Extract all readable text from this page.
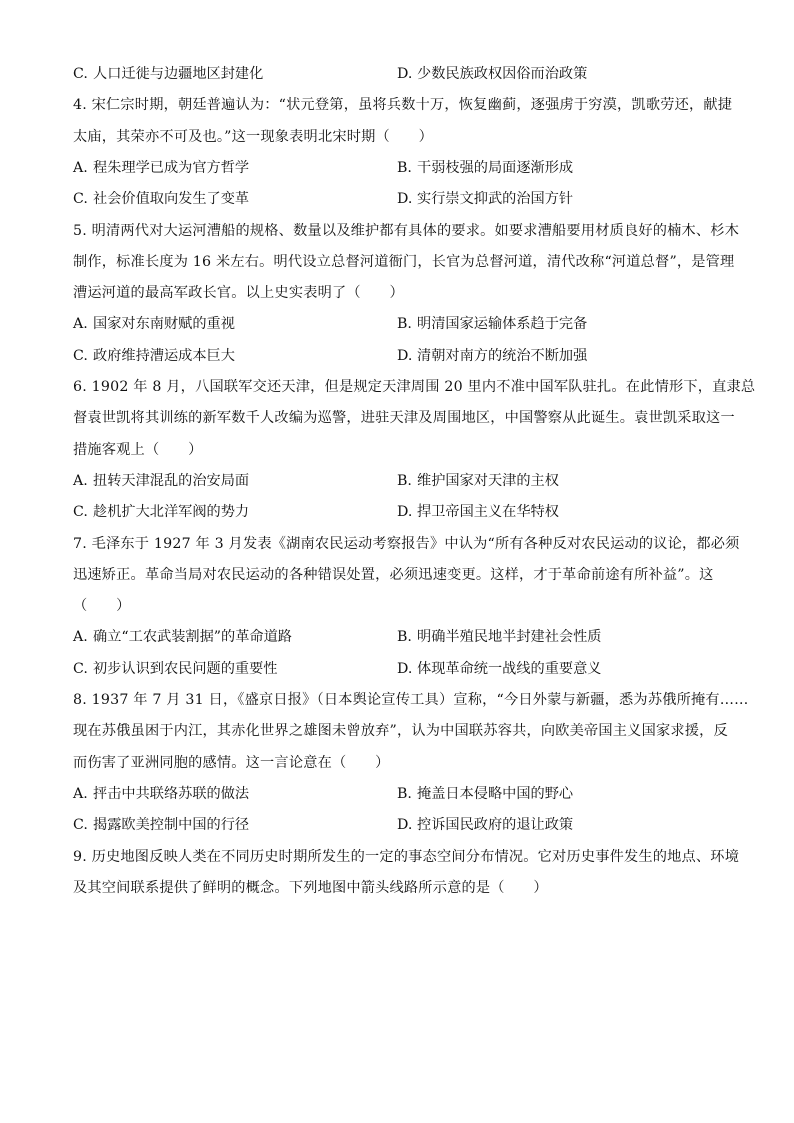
C. 人口迁徙与边疆地区封建化	D. 少数民族政权因俗而治政策
4. 宋仁宗时期，朝廷普遍认为：“状元登第，虽将兵数十万，恢复幽蓟，逐强虏于穷漠，凯歌劳还，献捷
太庙，其荣亦不可及也。”这一现象表明北宋时期（　　）
A. 程朱理学已成为官方哲学	B. 干弱枝强的局面逐渐形成
C. 社会价值取向发生了变革	D. 实行崇文抑武的治国方针
5. 明清两代对大运河漕船的规格、数量以及维护都有具体的要求。如要求漕船要用材质良好的楠木、杉木
制作，标准长度为 16 米左右。明代设立总督河道衙门，长官为总督河道，清代改称“河道总督”，是管理
漕运河道的最高军政长官。以上史实表明了（　　）
A. 国家对东南财赋的重视	B. 明清国家运输体系趋于完备
C. 政府维持漕运成本巨大	D. 清朝对南方的统治不断加强
6. 1902 年 8 月，八国联军交还天津，但是规定天津周围 20 里内不准中国军队驻扎。在此情形下，直隶总
督袁世凯将其训练的新军数千人改编为巡警，进驻天津及周围地区，中国警察从此诞生。袁世凯采取这一
措施客观上（　　）
A. 扭转天津混乱的治安局面	B. 维护国家对天津的主权
C. 趁机扩大北洋军阀的势力	D. 捍卫帝国主义在华特权
7. 毛泽东于 1927 年 3 月发表《湖南农民运动考察报告》中认为“所有各种反对农民运动的议论，都必须
迅速矫正。革命当局对农民运动的各种错误处置，必须迅速变更。这样，才于革命前途有所补益”。这
（　　）
A. 确立“工农武装割据”的革命道路	B. 明确半殖民地半封建社会性质
C. 初步认识到农民问题的重要性	D. 体现革命统一战线的重要意义
8. 1937 年 7 月 31 日，《盛京日报》（日本舆论宣传工具）宣称，“今日外蒙与新疆，悉为苏俄所掩有……
现在苏俄虽困于内江，其赤化世界之雄图未曾放弃”，认为中国联苏容共，向欧美帝国主义国家求援，反
而伤害了亚洲同胞的感情。这一言论意在（　　）
A. 抨击中共联络苏联的做法	B. 掩盖日本侵略中国的野心
C. 揭露欧美控制中国的行径	D. 控诉国民政府的退让政策
9. 历史地图反映人类在不同历史时期所发生的一定的事态空间分布情况。它对历史事件发生的地点、环境
及其空间联系提供了鲜明的概念。下列地图中箭头线路所示意的是（　　）
